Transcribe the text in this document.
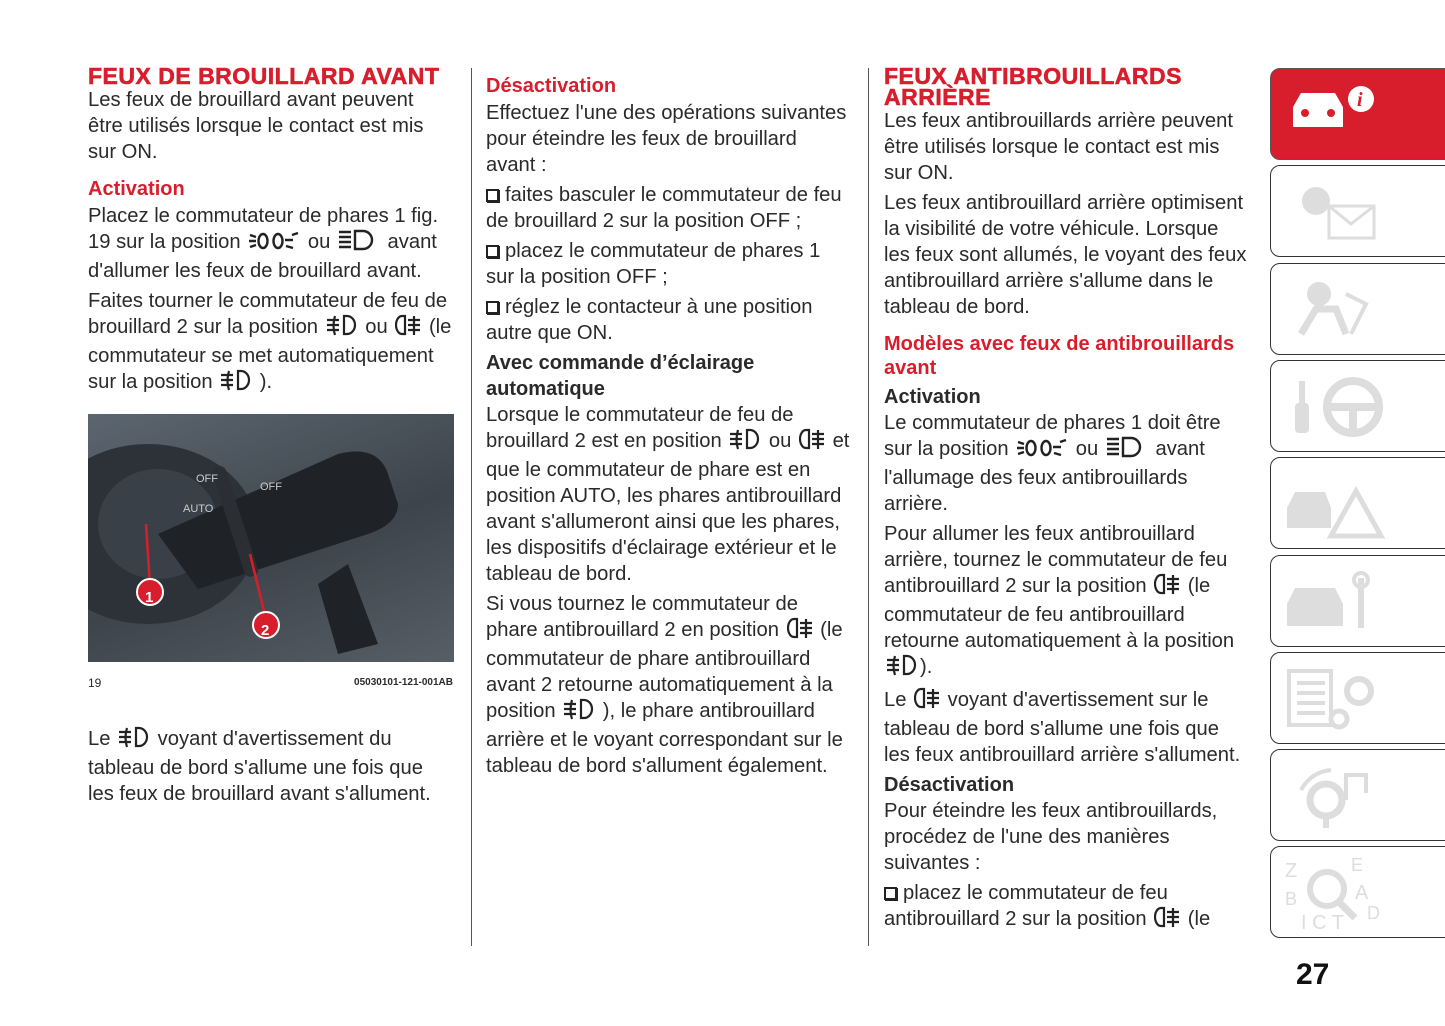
FEUX DE BROUILLARD AVANT
Les feux de brouillard avant peuvent être utilisés lorsque le contact est mis sur ON.
Activation
Placez le commutateur de phares 1 fig. 19 sur la position	ou  avant d'allumer les feux de brouillard avant.
Faites tourner le commutateur de feu de brouillard 2 sur la position  ou  (le commutateur se met automatiquement sur la position  ).
OFF
OFF
AUTO
1
2
19	05030101-121-001AB
Le  voyant d'avertissement du tableau de bord s'allume une fois que les feux de brouillard avant s'allument.
Désactivation
Effectuez l'une des opérations suivantes pour éteindre les feux de brouillard avant :
faites basculer le commutateur de feu de brouillard 2 sur la position OFF ;
placez le commutateur de phares 1 sur la position OFF ;
réglez le contacteur à une position autre que ON.
Avec commande d’éclairage automatique
Lorsque le commutateur de feu de brouillard 2 est en position  ou  et que le commutateur de phare est en position AUTO, les phares antibrouillard avant s'allumeront ainsi que les phares, les dispositifs d'éclairage extérieur et le tableau de bord.
Si vous tournez le commutateur de phare antibrouillard 2 en position  (le commutateur de phare antibrouillard avant 2 retourne automatiquement à la position  ), le phare antibrouillard arrière et le voyant correspondant sur le tableau de bord s'allument également.
FEUX ANTIBROUILLARDS ARRIÈRE
Les feux antibrouillards arrière peuvent être utilisés lorsque le contact est mis sur ON.
Les feux antibrouillard arrière optimisent la visibilité de votre véhicule. Lorsque les feux sont allumés, le voyant des feux antibrouillard arrière s'allume dans le tableau de bord.
Modèles avec feux de antibrouillards avant
Activation
Le commutateur de phares 1 doit être sur la position	ou  avant l'allumage des feux antibrouillards arrière.
Pour allumer les feux antibrouillard arrière, tournez le commutateur de feu antibrouillard 2 sur la position  (le commutateur de feu antibrouillard retourne automatiquement à la position ).
Le  voyant d'avertissement sur le tableau de bord s'allume une fois que les feux antibrouillard arrière s'allument.
Désactivation
Pour éteindre les feux antibrouillards, procédez de l'une des manières suivantes :
placez le commutateur de feu antibrouillard 2 sur la position  (le
i
Z	E
B	A
I C T D
27
